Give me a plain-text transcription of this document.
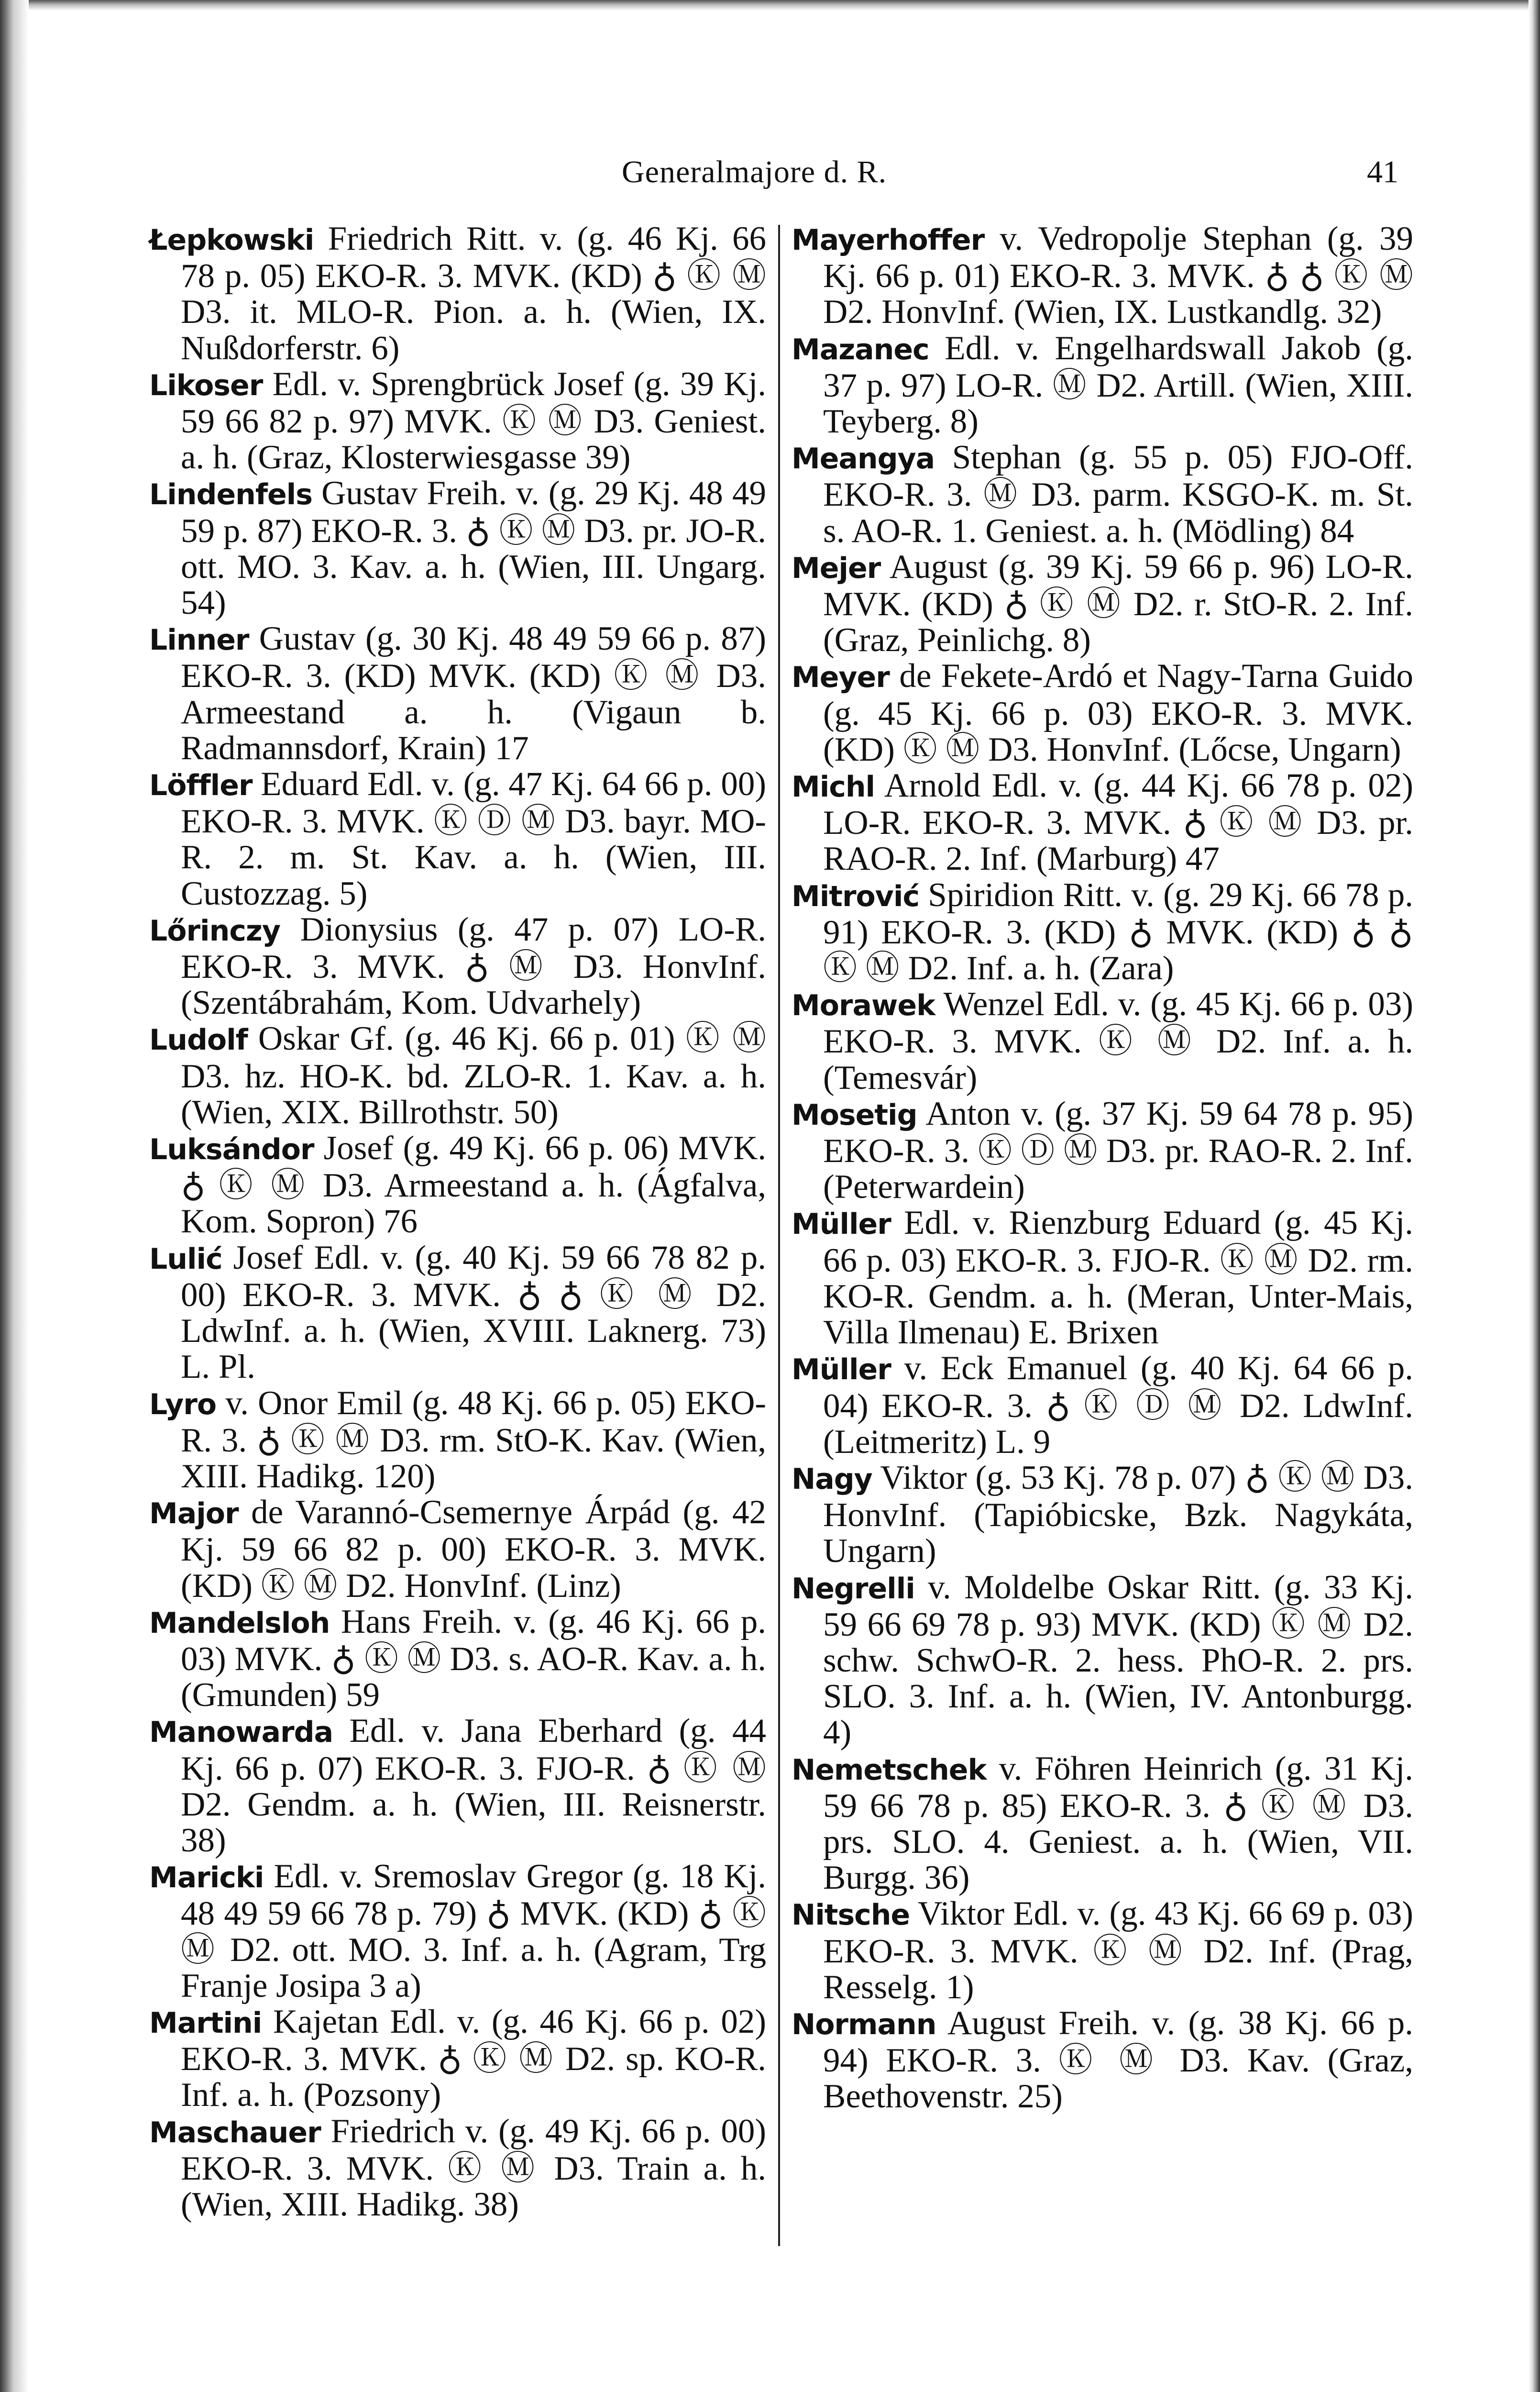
Generalmajore d. R.	41

Łepkowski Friedrich Ritt. v. (g. 46 Kj. 66 78 p. 05) EKO-R. 3. MVK. (KD) ♁ Ⓚ Ⓜ D3. it. MLO-R. Pion. a. h. (Wien, IX. Nußdorferstr. 6)

Likoser Edl. v. Sprengbrück Josef (g. 39 Kj. 59 66 82 p. 97) MVK. Ⓚ Ⓜ D3. Geniest. a. h. (Graz, Klosterwiesgasse 39)

Lindenfels Gustav Freih. v. (g. 29 Kj. 48 49 59 p. 87) EKO-R. 3. ♁ Ⓚ Ⓜ D3. pr. JO-R. ott. MO. 3. Kav. a. h. (Wien, III. Ungarg. 54)

Linner Gustav (g. 30 Kj. 48 49 59 66 p. 87) EKO-R. 3. (KD) MVK. (KD) Ⓚ Ⓜ D3. Armeestand a. h. (Vigaun b. Radmannsdorf, Krain) 17

Löffler Eduard Edl. v. (g. 47 Kj. 64 66 p. 00) EKO-R. 3. MVK. Ⓚ Ⓓ Ⓜ D3. bayr. MO-R. 2. m. St. Kav. a. h. (Wien, III. Custozzag. 5)

Lőrinczy Dionysius (g. 47 p. 07) LO-R. EKO-R. 3. MVK. ♁ Ⓜ D3. HonvInf. (Szentábrahám, Kom. Udvarhely)

Ludolf Oskar Gf. (g. 46 Kj. 66 p. 01) Ⓚ Ⓜ D3. hz. HO-K. bd. ZLO-R. 1. Kav. a. h. (Wien, XIX. Billrothstr. 50)

Luksándor Josef (g. 49 Kj. 66 p. 06) MVK. ♁ Ⓚ Ⓜ D3. Armeestand a. h. (Ágfalva, Kom. Sopron) 76

Lulić Josef Edl. v. (g. 40 Kj. 59 66 78 82 p. 00) EKO-R. 3. MVK. ♁ ♁ Ⓚ Ⓜ D2. LdwInf. a. h. (Wien, XVIII. Laknerg. 73) L. Pl.

Lyro v. Onor Emil (g. 48 Kj. 66 p. 05) EKO-R. 3. ♁ Ⓚ Ⓜ D3. rm. StO-K. Kav. (Wien, XIII. Hadikg. 120)

Major de Varannó-Csemernye Árpád (g. 42 Kj. 59 66 82 p. 00) EKO-R. 3. MVK. (KD) Ⓚ Ⓜ D2. HonvInf. (Linz)

Mandelsloh Hans Freih. v. (g. 46 Kj. 66 p. 03) MVK. ♁ Ⓚ Ⓜ D3. s. AO-R. Kav. a. h. (Gmunden) 59

Manowarda Edl. v. Jana Eberhard (g. 44 Kj. 66 p. 07) EKO-R. 3. FJO-R. ♁ Ⓚ Ⓜ D2. Gendm. a. h. (Wien, III. Reisnerstr. 38)

Maricki Edl. v. Sremoslav Gregor (g. 18 Kj. 48 49 59 66 78 p. 79) ♁ MVK. (KD) ♁ Ⓚ Ⓜ D2. ott. MO. 3. Inf. a. h. (Agram, Trg Franje Josipa 3 a)

Martini Kajetan Edl. v. (g. 46 Kj. 66 p. 02) EKO-R. 3. MVK. ♁ Ⓚ Ⓜ D2. sp. KO-R. Inf. a. h. (Pozsony)

Maschauer Friedrich v. (g. 49 Kj. 66 p. 00) EKO-R. 3. MVK. Ⓚ Ⓜ D3. Train a. h. (Wien, XIII. Hadikg. 38)

Mayerhoffer v. Vedropolje Stephan (g. 39 Kj. 66 p. 01) EKO-R. 3. MVK. ♁ ♁ Ⓚ Ⓜ D2. HonvInf. (Wien, IX. Lustkandlg. 32)

Mazanec Edl. v. Engelhardswall Jakob (g. 37 p. 97) LO-R. Ⓜ D2. Artill. (Wien, XIII. Teyberg. 8)

Meangya Stephan (g. 55 p. 05) FJO-Off. EKO-R. 3. Ⓜ D3. parm. KSGO-K. m. St. s. AO-R. 1. Geniest. a. h. (Mödling) 84

Mejer August (g. 39 Kj. 59 66 p. 96) LO-R. MVK. (KD) ♁ Ⓚ Ⓜ D2. r. StO-R. 2. Inf. (Graz, Peinlichg. 8)

Meyer de Fekete-Ardó et Nagy-Tarna Guido (g. 45 Kj. 66 p. 03) EKO-R. 3. MVK. (KD) Ⓚ Ⓜ D3. HonvInf. (Lőcse, Ungarn)

Michl Arnold Edl. v. (g. 44 Kj. 66 78 p. 02) LO-R. EKO-R. 3. MVK. ♁ Ⓚ Ⓜ D3. pr. RAO-R. 2. Inf. (Marburg) 47

Mitrović Spiridion Ritt. v. (g. 29 Kj. 66 78 p. 91) EKO-R. 3. (KD) ♁ MVK. (KD) ♁ ♁ Ⓚ Ⓜ D2. Inf. a. h. (Zara)

Morawek Wenzel Edl. v. (g. 45 Kj. 66 p. 03) EKO-R. 3. MVK. Ⓚ Ⓜ D2. Inf. a. h. (Temesvár)

Mosetig Anton v. (g. 37 Kj. 59 64 78 p. 95) EKO-R. 3. Ⓚ Ⓓ Ⓜ D3. pr. RAO-R. 2. Inf. (Peterwardein)

Müller Edl. v. Rienzburg Eduard (g. 45 Kj. 66 p. 03) EKO-R. 3. FJO-R. Ⓚ Ⓜ D2. rm. KO-R. Gendm. a. h. (Meran, Unter-Mais, Villa Ilmenau) E. Brixen

Müller v. Eck Emanuel (g. 40 Kj. 64 66 p. 04) EKO-R. 3. ♁ Ⓚ Ⓓ Ⓜ D2. LdwInf. (Leitmeritz) L. 9

Nagy Viktor (g. 53 Kj. 78 p. 07) ♁ Ⓚ Ⓜ D3. HonvInf. (Tapióbicske, Bzk. Nagykáta, Ungarn)

Negrelli v. Moldelbe Oskar Ritt. (g. 33 Kj. 59 66 69 78 p. 93) MVK. (KD) Ⓚ Ⓜ D2. schw. SchwO-R. 2. hess. PhO-R. 2. prs. SLO. 3. Inf. a. h. (Wien, IV. Antonburgg. 4)

Nemetschek v. Föhren Heinrich (g. 31 Kj. 59 66 78 p. 85) EKO-R. 3. ♁ Ⓚ Ⓜ D3. prs. SLO. 4. Geniest. a. h. (Wien, VII. Burgg. 36)

Nitsche Viktor Edl. v. (g. 43 Kj. 66 69 p. 03) EKO-R. 3. MVK. Ⓚ Ⓜ D2. Inf. (Prag, Resselg. 1)

Normann August Freih. v. (g. 38 Kj. 66 p. 94) EKO-R. 3. Ⓚ Ⓜ D3. Kav. (Graz, Beethovenstr. 25)
